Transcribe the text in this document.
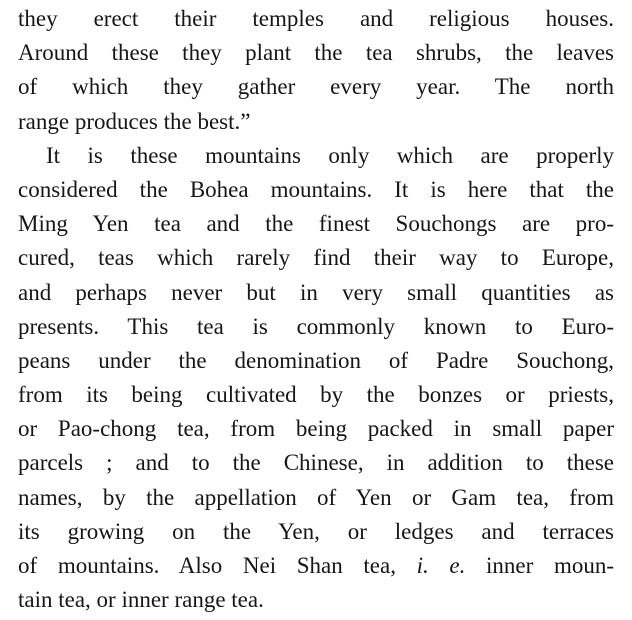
they erect their temples and religious houses.
Around these they plant the tea shrubs, the leaves
of which they gather every year. The north
range produces the best.”
It is these mountains only which are properly
considered the Bohea mountains. It is here that the
Ming Yen tea and the finest Souchongs are pro-
cured, teas which rarely find their way to Europe,
and perhaps never but in very small quantities as
presents. This tea is commonly known to Euro-
peans under the denomination of Padre Souchong,
from its being cultivated by the bonzes or priests,
or Pao-chong tea, from being packed in small paper
parcels ; and to the Chinese, in addition to these
names, by the appellation of Yen or Gam tea, from
its growing on the Yen, or ledges and terraces
of mountains. Also Nei Shan tea, i. e. inner moun-
tain tea, or inner range tea.
